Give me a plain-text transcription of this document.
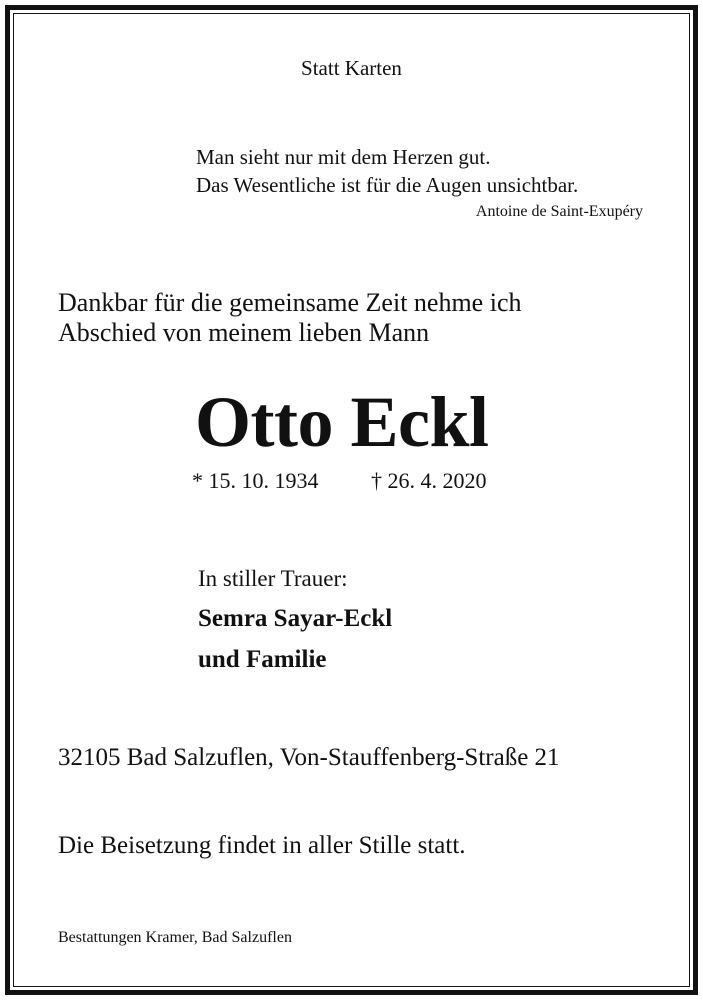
Statt Karten
Man sieht nur mit dem Herzen gut.
Das Wesentliche ist für die Augen unsichtbar.
Antoine de Saint-Exupéry
Dankbar für die gemeinsame Zeit nehme ich
Abschied von meinem lieben Mann
Otto Eckl
* 15. 10. 1934 † 26. 4. 2020
In stiller Trauer:
Semra Sayar-Eckl
und Familie
32105 Bad Salzuflen, Von-Stauffenberg-Straße 21
Die Beisetzung findet in aller Stille statt.
Bestattungen Kramer, Bad Salzuflen
